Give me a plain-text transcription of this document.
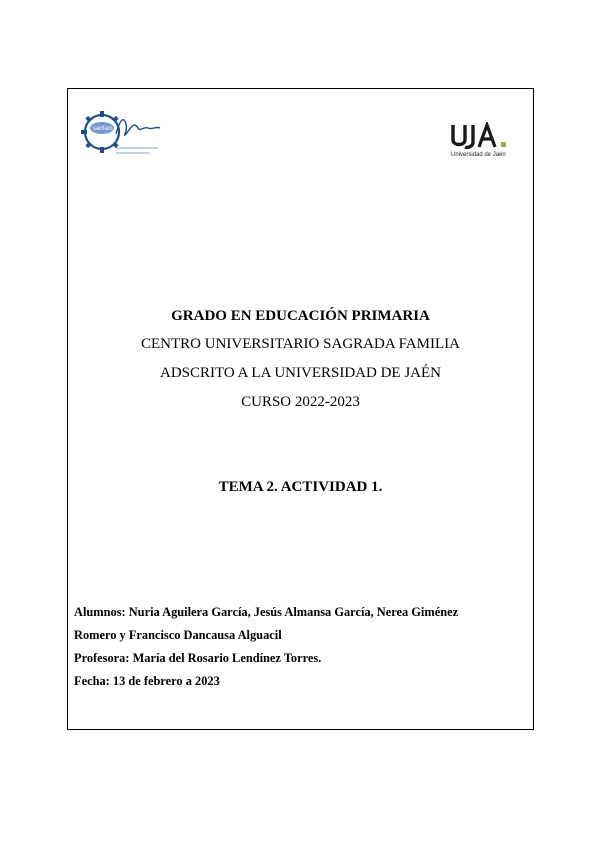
sanfam
Universidad de Jaén
GRADO EN EDUCACIÓN PRIMARIA
CENTRO UNIVERSITARIO SAGRADA FAMILIA
ADSCRITO A LA UNIVERSIDAD DE JAÉN
CURSO 2022-2023
TEMA 2. ACTIVIDAD 1.
Alumnos: Nuria Aguilera García, Jesús Almansa García, Nerea Giménez
Romero y Francisco Dancausa Alguacil
Profesora: María del Rosario Lendínez Torres.
Fecha: 13 de febrero a 2023
